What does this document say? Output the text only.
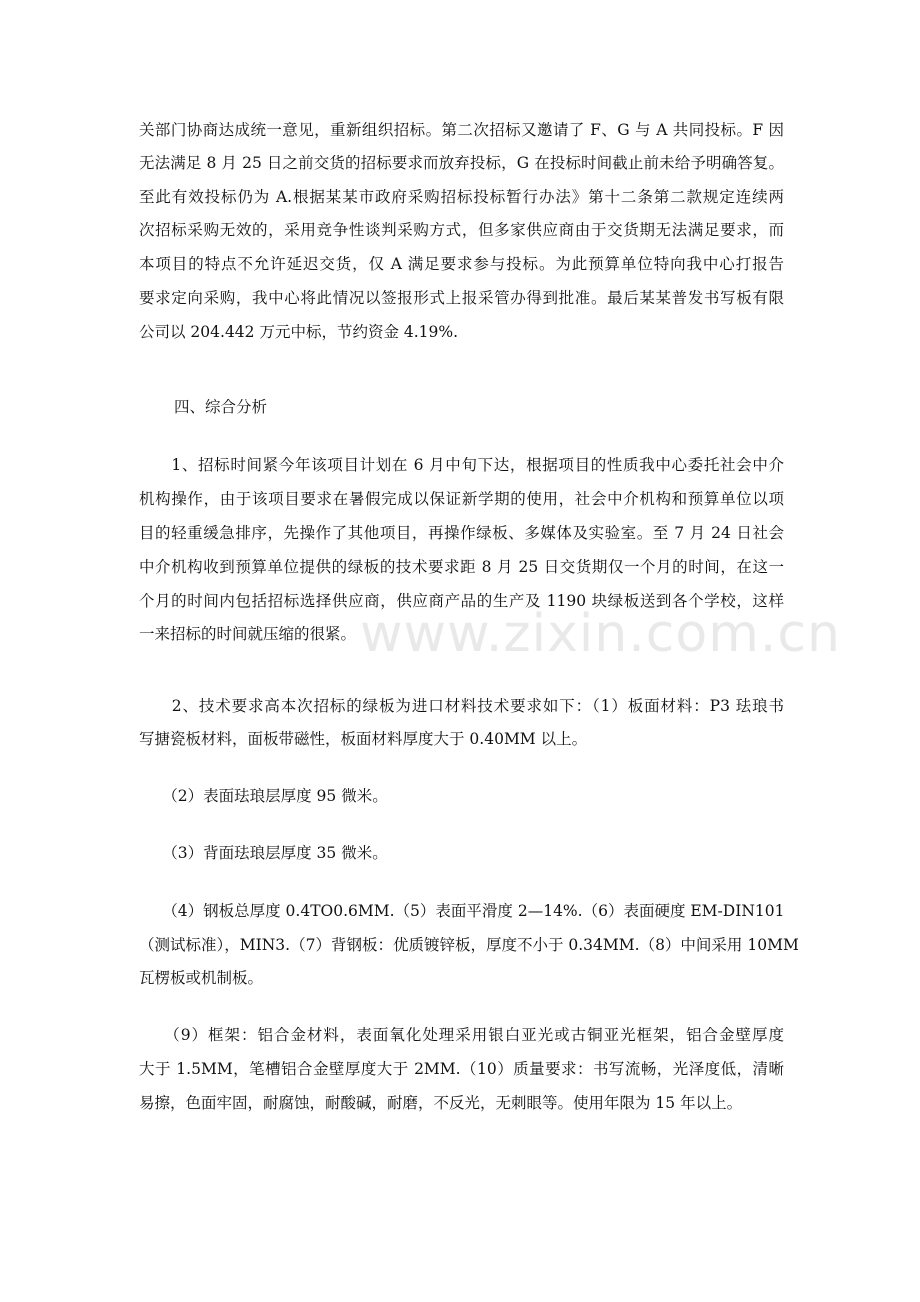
www.zixin.com.cn
关部门协商达成统一意见，重新组织招标。第二次招标又邀请了 F、G 与 A 共同投标。F 因
无法满足 8 月 25 日之前交货的招标要求而放弃投标，G 在投标时间截止前未给予明确答复。
至此有效投标仍为 A.根据某某市政府采购招标投标暂行办法》第十二条第二款规定连续两
次招标采购无效的，采用竞争性谈判采购方式，但多家供应商由于交货期无法满足要求，而
本项目的特点不允许延迟交货，仅 A 满足要求参与投标。为此预算单位特向我中心打报告
要求定向采购，我中心将此情况以签报形式上报采管办得到批准。最后某某普发书写板有限
公司以 204.442 万元中标，节约资金 4.19%.
四、综合分析
　　1、招标时间紧今年该项目计划在 6 月中旬下达，根据项目的性质我中心委托社会中介
机构操作，由于该项目要求在暑假完成以保证新学期的使用，社会中介机构和预算单位以项
目的轻重缓急排序，先操作了其他项目，再操作绿板、多媒体及实验室。至 7 月 24 日社会
中介机构收到预算单位提供的绿板的技术要求距 8 月 25 日交货期仅一个月的时间，在这一
个月的时间内包括招标选择供应商，供应商产品的生产及 1190 块绿板送到各个学校，这样
一来招标的时间就压缩的很紧。
　　2、技术要求高本次招标的绿板为进口材料技术要求如下：（1）板面材料：P3 珐琅书
写搪瓷板材料，面板带磁性，板面材料厚度大于 0.40MM 以上。
　　（2）表面珐琅层厚度 95 微米。
　　（3）背面珐琅层厚度 35 微米。
　　（4）钢板总厚度 0.4TO0.6MM.（5）表面平滑度 2—14%.（6）表面硬度 EM-DIN101
（测试标准），MIN3.（7）背钢板：优质镀锌板，厚度不小于 0.34MM.（8）中间采用 10MM
瓦楞板或机制板。
　　（9）框架：铝合金材料，表面氧化处理采用银白亚光或古铜亚光框架，铝合金壁厚度
大于 1.5MM，笔槽铝合金壁厚度大于 2MM.（10）质量要求：书写流畅，光泽度低，清晰
易擦，色面牢固，耐腐蚀，耐酸碱，耐磨，不反光，无刺眼等。使用年限为 15 年以上。
